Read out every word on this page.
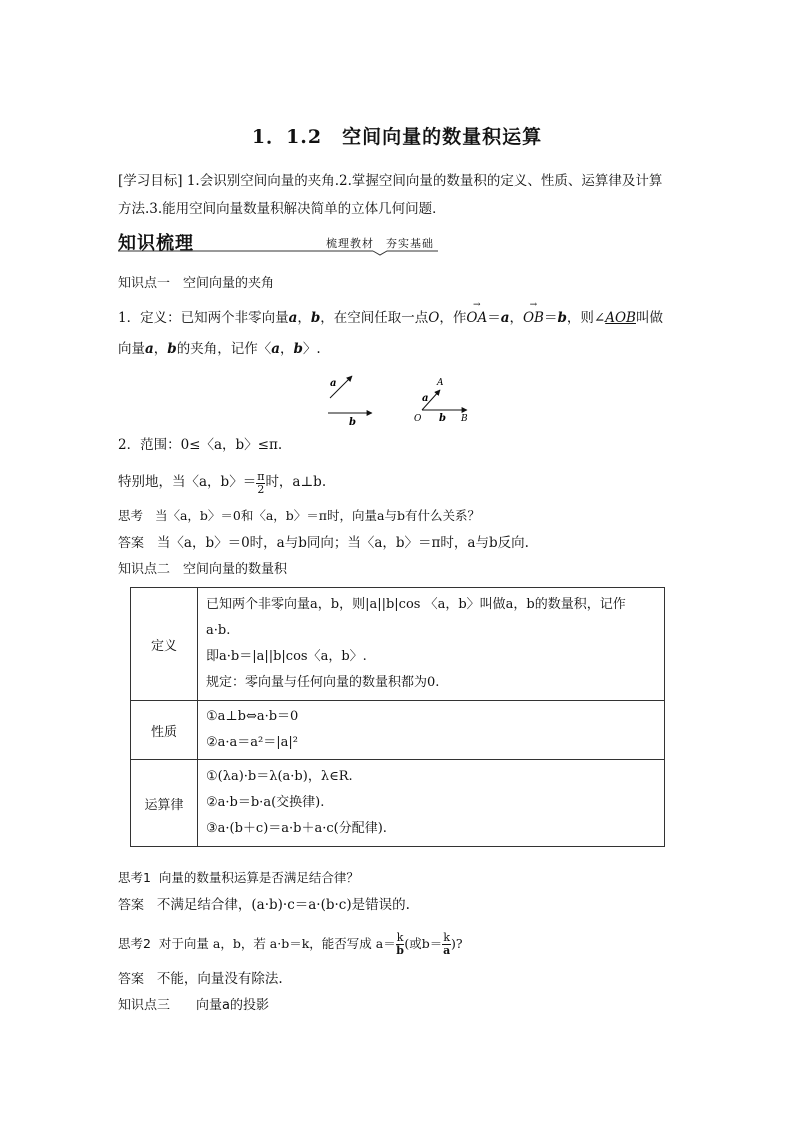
1．1.2　空间向量的数量积运算
[学习目标] 1.会识别空间向量的夹角.2.掌握空间向量的数量积的定义、性质、运算律及计算
方法.3.能用空间向量数量积解决简单的立体几何问题．
知识梳理	梳理教材　夯实基础
知识点一　空间向量的夹角
1．定义：已知两个非零向量a，b，在空间任取一点O，作→ OA＝a，→ OB＝b，则∠AOB叫做
向量a，b的夹角，记作〈a，b〉.
a
b
A
a
O b B
2．范围：0≤〈a，b〉≤π.
特别地，当〈a，b〉＝ $\frac{\pi}{2}$ 时，a⊥b.
思考 当〈a，b〉＝0和〈a，b〉＝π时，向量a与b有什么关系？
答案 当〈a，b〉＝0时，a与b同向；当〈a，b〉＝π时，a与b反向.
知识点二　空间向量的数量积
定义	已知两个非零向量a，b，则|a||b|cos 〈a，b〉叫做a，b的数量积，记作
a·b.
即a·b＝|a||b|cos〈a，b〉.
规定：零向量与任何向量的数量积都为0.

性质	①a⊥b⇔a·b＝0
②a·a＝a²＝|a|²

运算律	①(λa)·b＝λ(a·b)，λ∈R.
②a·b＝b·a(交换律).
③a·(b＋c)＝a·b＋a·c(分配律).
思考1 向量的数量积运算是否满足结合律？
答案 不满足结合律，(a·b)·c＝a·(b·c)是错误的.
思考2
对于向量 a，b，若 a·b＝k，能否写成 $a= \frac{k}{b}$ (或$b= \frac{k}{a}$ )?
答案 不能，向量没有除法.
知识点三　　向量a的投影
